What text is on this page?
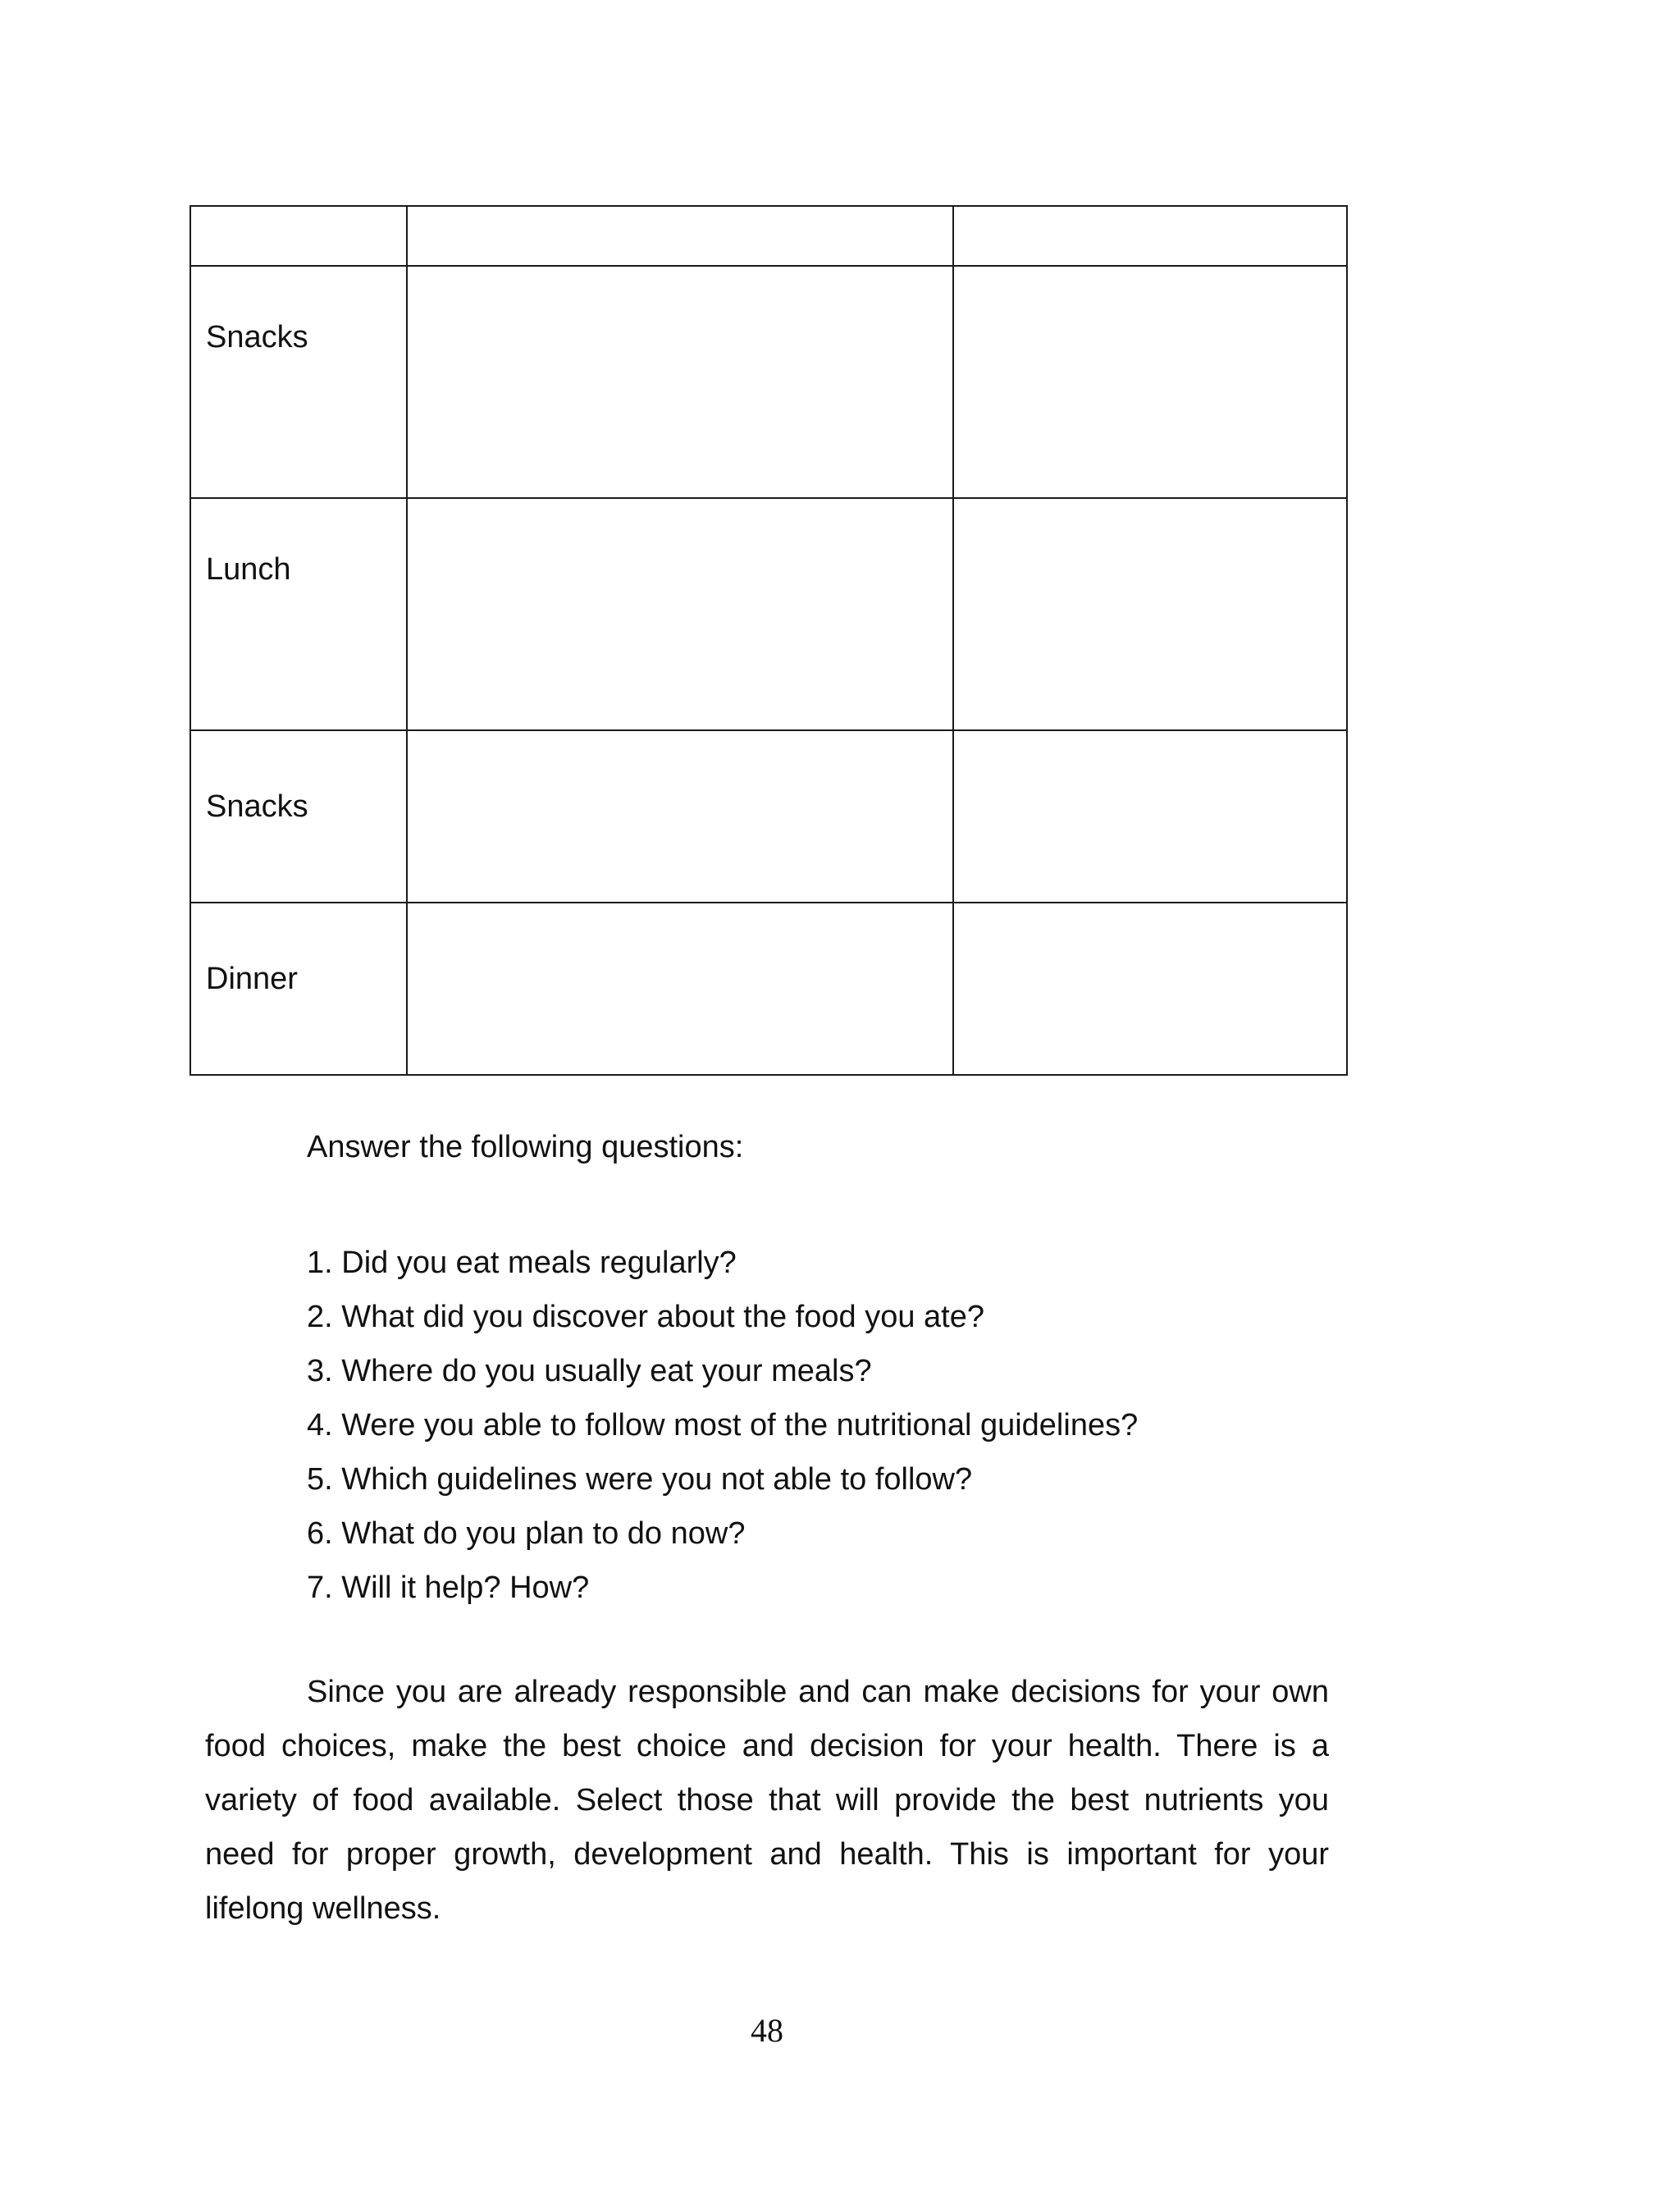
Snacks		

Lunch		

Snacks		

Dinner		

Answer the following questions:

1. Did you eat meals regularly?
2. What did you discover about the food you ate?
3. Where do you usually eat your meals?
4. Were you able to follow most of the nutritional guidelines?
5. Which guidelines were you not able to follow?
6. What do you plan to do now?
7. Will it help? How?

Since you are already responsible and can make decisions for your own food choices, make the best choice and decision for your health. There is a variety of food available. Select those that will provide the best nutrients you need for proper growth, development and health. This is important for your lifelong wellness.

48
